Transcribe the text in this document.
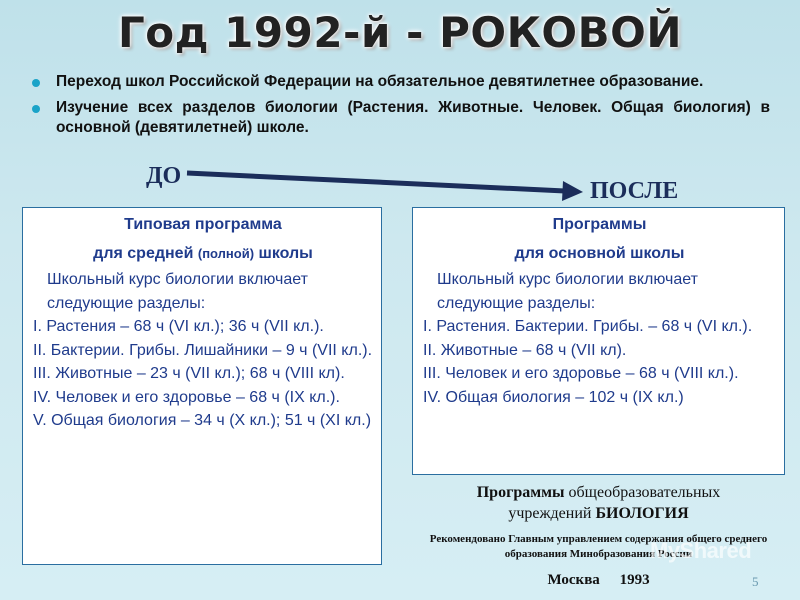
Год 1992-й - РОКОВОЙ
Переход школ Российской Федерации на обязательное девятилетнее образование.
Изучение всех разделов биологии (Растения. Животные. Человек. Общая биология) в основной (девятилетней) школе.
ДО
ПОСЛЕ
Типовая программа
для средней (полной) школы
Школьный курс биологии включает следующие разделы:
I. Растения – 68 ч (VI кл.); 36 ч (VII кл.).
II. Бактерии. Грибы. Лишайники – 9 ч (VII кл.).
III. Животные – 23 ч (VII кл.); 68 ч (VIII кл).
IV. Человек и его здоровье – 68 ч (IX кл.).
V. Общая биология – 34 ч (X кл.); 51 ч (XI кл.)
Программы
для основной школы
Школьный курс биологии включает следующие разделы:
I. Растения. Бактерии. Грибы. – 68 ч (VI кл.).
II. Животные – 68 ч (VII кл).
III. Человек и его здоровье – 68 ч (VIII кл.).
IV. Общая биология – 102 ч (IX кл.)
Программы общеобразовательных
учреждений БИОЛОГИЯ
Рекомендовано Главным управлением содержания общего среднего образования Минобразования России
Москва 1993
MyShared
5
